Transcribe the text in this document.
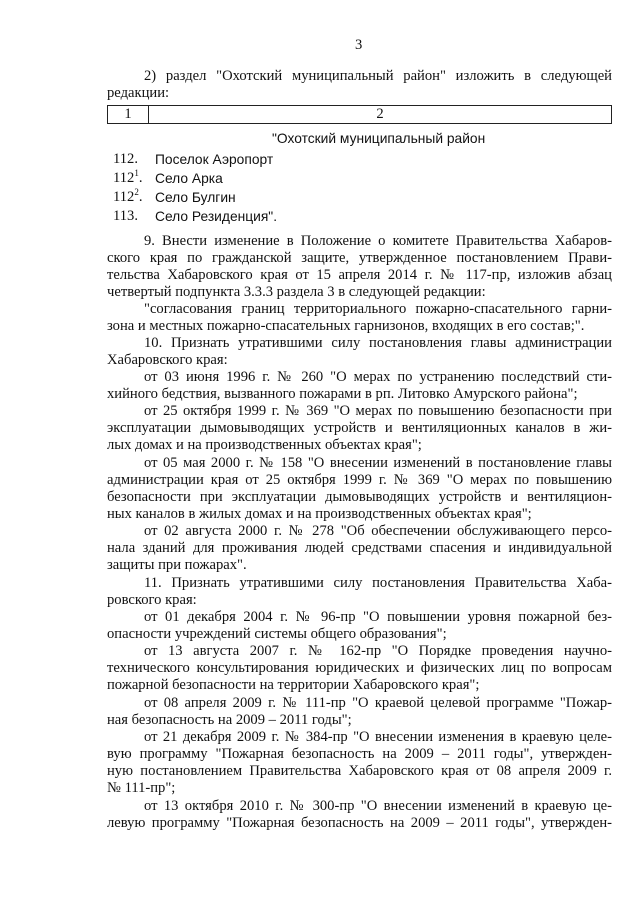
3
2) раздел "Охотский муниципальный район" изложить в следующей
редакции:
1	2
"Охотский муниципальный район
112. Поселок Аэропорт
$112^1$. Село Арка
$112^2$. Село Булгин
113. Село Резиденция".
9. Внести изменение в Положение о комитете Правительства Хабаров-
ского края по гражданской защите, утвержденное постановлением Прави-
тельства Хабаровского края от 15 апреля 2014 г. № 117-пр, изложив абзац
четвертый подпункта 3.3.3 раздела 3 в следующей редакции:
"согласования границ территориального пожарно-спасательного гарни-
зона и местных пожарно-спасательных гарнизонов, входящих в его состав;".
10. Признать утратившими силу постановления главы администрации
Хабаровского края:
от 03 июня 1996 г. № 260 "О мерах по устранению последствий сти-
хийного бедствия, вызванного пожарами в рп. Литовко Амурского района";
от 25 октября 1999 г. № 369 "О мерах по повышению безопасности при
эксплуатации дымовыводящих устройств и вентиляционных каналов в жи-
лых домах и на производственных объектах края";
от 05 мая 2000 г. № 158 "О внесении изменений в постановление главы
администрации края от 25 октября 1999 г. № 369 "О мерах по повышению
безопасности при эксплуатации дымовыводящих устройств и вентиляцион-
ных каналов в жилых домах и на производственных объектах края";
от 02 августа 2000 г. № 278 "Об обеспечении обслуживающего персо-
нала зданий для проживания людей средствами спасения и индивидуальной
защиты при пожарах".
11. Признать утратившими силу постановления Правительства Хаба-
ровского края:
от 01 декабря 2004 г. № 96-пр "О повышении уровня пожарной без-
опасности учреждений системы общего образования";
от 13 августа 2007 г. № 162-пр "О Порядке проведения научно-
технического консультирования юридических и физических лиц по вопросам
пожарной безопасности на территории Хабаровского края";
от 08 апреля 2009 г. № 111-пр "О краевой целевой программе "Пожар-
ная безопасность на 2009 – 2011 годы";
от 21 декабря 2009 г. № 384-пр "О внесении изменения в краевую целе-
вую программу "Пожарная безопасность на 2009 – 2011 годы", утвержден-
ную постановлением Правительства Хабаровского края от 08 апреля 2009 г.
№ 111-пр";
от 13 октября 2010 г. № 300-пр "О внесении изменений в краевую це-
левую программу "Пожарная безопасность на 2009 – 2011 годы", утвержден-
